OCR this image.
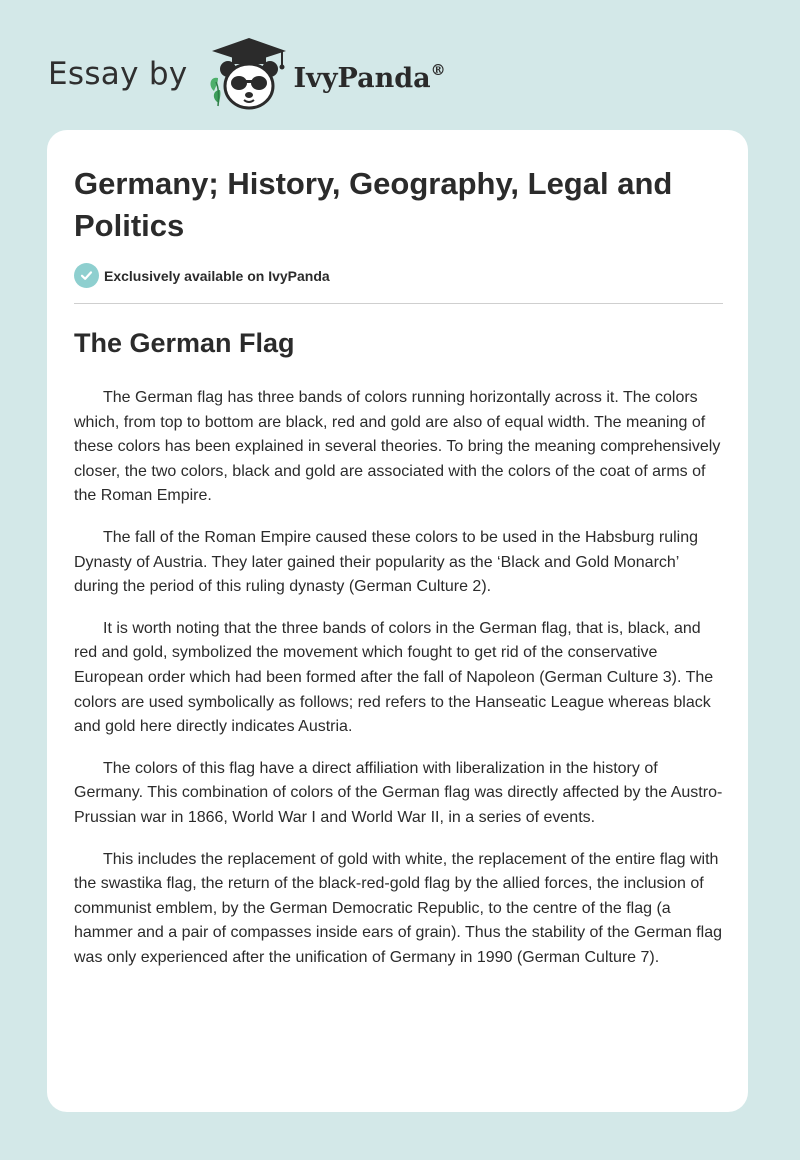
Essay by	IvyPanda®
Germany; History, Geography, Legal and Politics
Exclusively available on IvyPanda
The German Flag

The German flag has three bands of colors running horizontally across it. The colors which, from top to bottom are black, red and gold are also of equal width. The meaning of these colors has been explained in several theories. To bring the meaning comprehensively closer, the two colors, black and gold are associated with the colors of the coat of arms of the Roman Empire.

The fall of the Roman Empire caused these colors to be used in the Habsburg ruling Dynasty of Austria. They later gained their popularity as the ‘Black and Gold Monarch’ during the period of this ruling dynasty (German Culture 2).

It is worth noting that the three bands of colors in the German flag, that is, black, and red and gold, symbolized the movement which fought to get rid of the conservative European order which had been formed after the fall of Napoleon (German Culture 3). The colors are used symbolically as follows; red refers to the Hanseatic League whereas black and gold here directly indicates Austria.

The colors of this flag have a direct affiliation with liberalization in the history of Germany. This combination of colors of the German flag was directly affected by the Austro-Prussian war in 1866, World War I and World War II, in a series of events.

This includes the replacement of gold with white, the replacement of the entire flag with the swastika flag, the return of the black-red-gold flag by the allied forces, the inclusion of communist emblem, by the German Democratic Republic, to the centre of the flag (a hammer and a pair of compasses inside ears of grain). Thus the stability of the German flag was only experienced after the unification of Germany in 1990 (German Culture 7).
